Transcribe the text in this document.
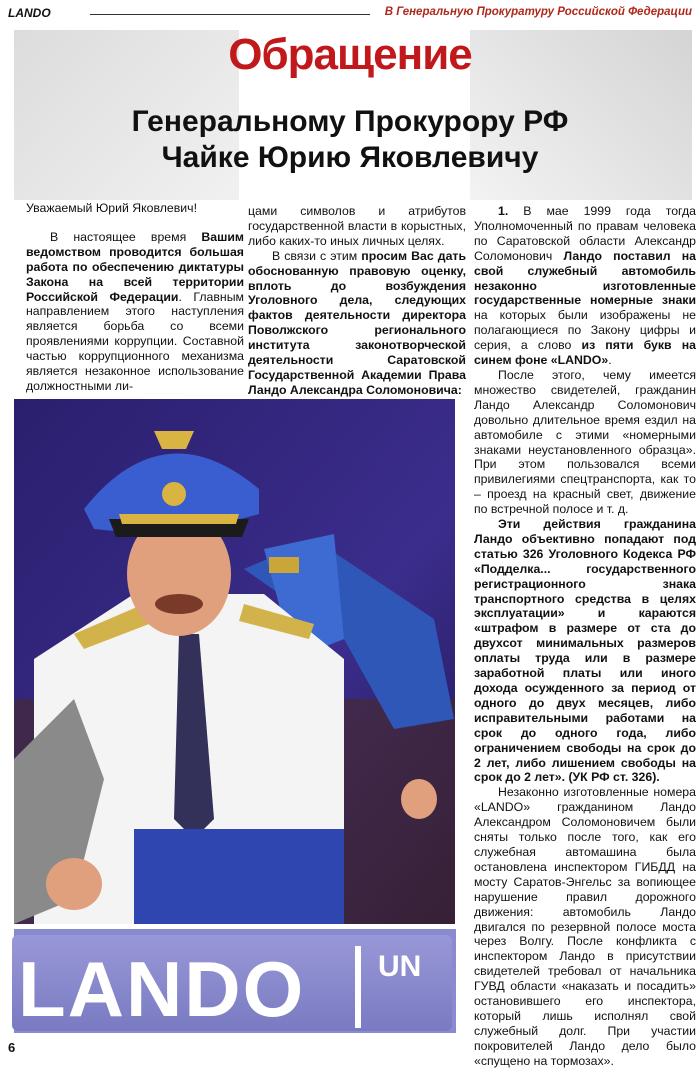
LANDO	В Генеральную Прокуратуру Российской Федерации
Обращение
Генеральному Прокурору РФ
Чайке Юрию Яковлевичу

Уважаемый Юрий Яковлевич!

В настоящее время Вашим ведомством проводится большая работа по обеспечению диктатуры Закона на всей территории Российской Федерации. Главным направлением этого наступления является борьба со всеми проявлениями коррупции. Составной частью коррупционного механизма является незаконное использование должностными ли-

цами символов и атрибутов государственной власти в корыстных, либо каких-то иных личных целях.

В связи с этим просим Вас дать обоснованную правовую оценку, вплоть до возбуждения Уголовного дела, следующих фактов деятельности директора Поволжского регионального института законотворческой деятельности Саратовской Государственной Академии Права Ландо Александра Соломоновича:

1. В мае 1999 года тогда Уполномоченный по правам человека по Саратовской области Александр Соломонович Ландо поставил на свой служебный автомобиль незаконно изготовленные государственные номерные знаки на которых были изображены не полагающиеся по Закону цифры и серия, а слово из пяти букв на синем фоне «LANDO».

После этого, чему имеется множество свидетелей, гражданин Ландо Александр Соломонович довольно длительное время ездил на автомобиле с этими «номерными знаками неустановленного образца». При этом пользовался всеми привилегиями спецтранспорта, как то – проезд на красный свет, движение по встречной полосе и т. д.

Эти действия гражданина Ландо объективно попадают под статью 326 Уголовного Кодекса РФ «Подделка... государственного регистрационного знака транспортного средства в целях эксплуатации» и караются «штрафом в размере от ста до двухсот минимальных размеров оплаты труда или в размере заработной платы или иного дохода осужденного за период от одного до двух месяцев, либо исправительными работами на срок до одного года, либо ограничением свободы на срок до 2 лет, либо лишением свободы на срок до 2 лет». (УК РФ ст. 326).

Незаконно изготовленные номера «LANDO» гражданином Ландо Александром Соломоновичем были сняты только после того, как его служебная автомашина была остановлена инспектором ГИБДД на мосту Саратов-Энгельс за вопиющее нарушение правил дорожного движения: автомобиль Ландо двигался по резервной полосе моста через Волгу. После конфликта с инспектором Ландо в присутствии свидетелей требовал от начальника ГУВД области «наказать и посадить» остановившего его инспектора, который лишь исполнял свой служебный долг. При участии покровителей Ландо дело было «спущено на тормозах».

LANDO UN
6
